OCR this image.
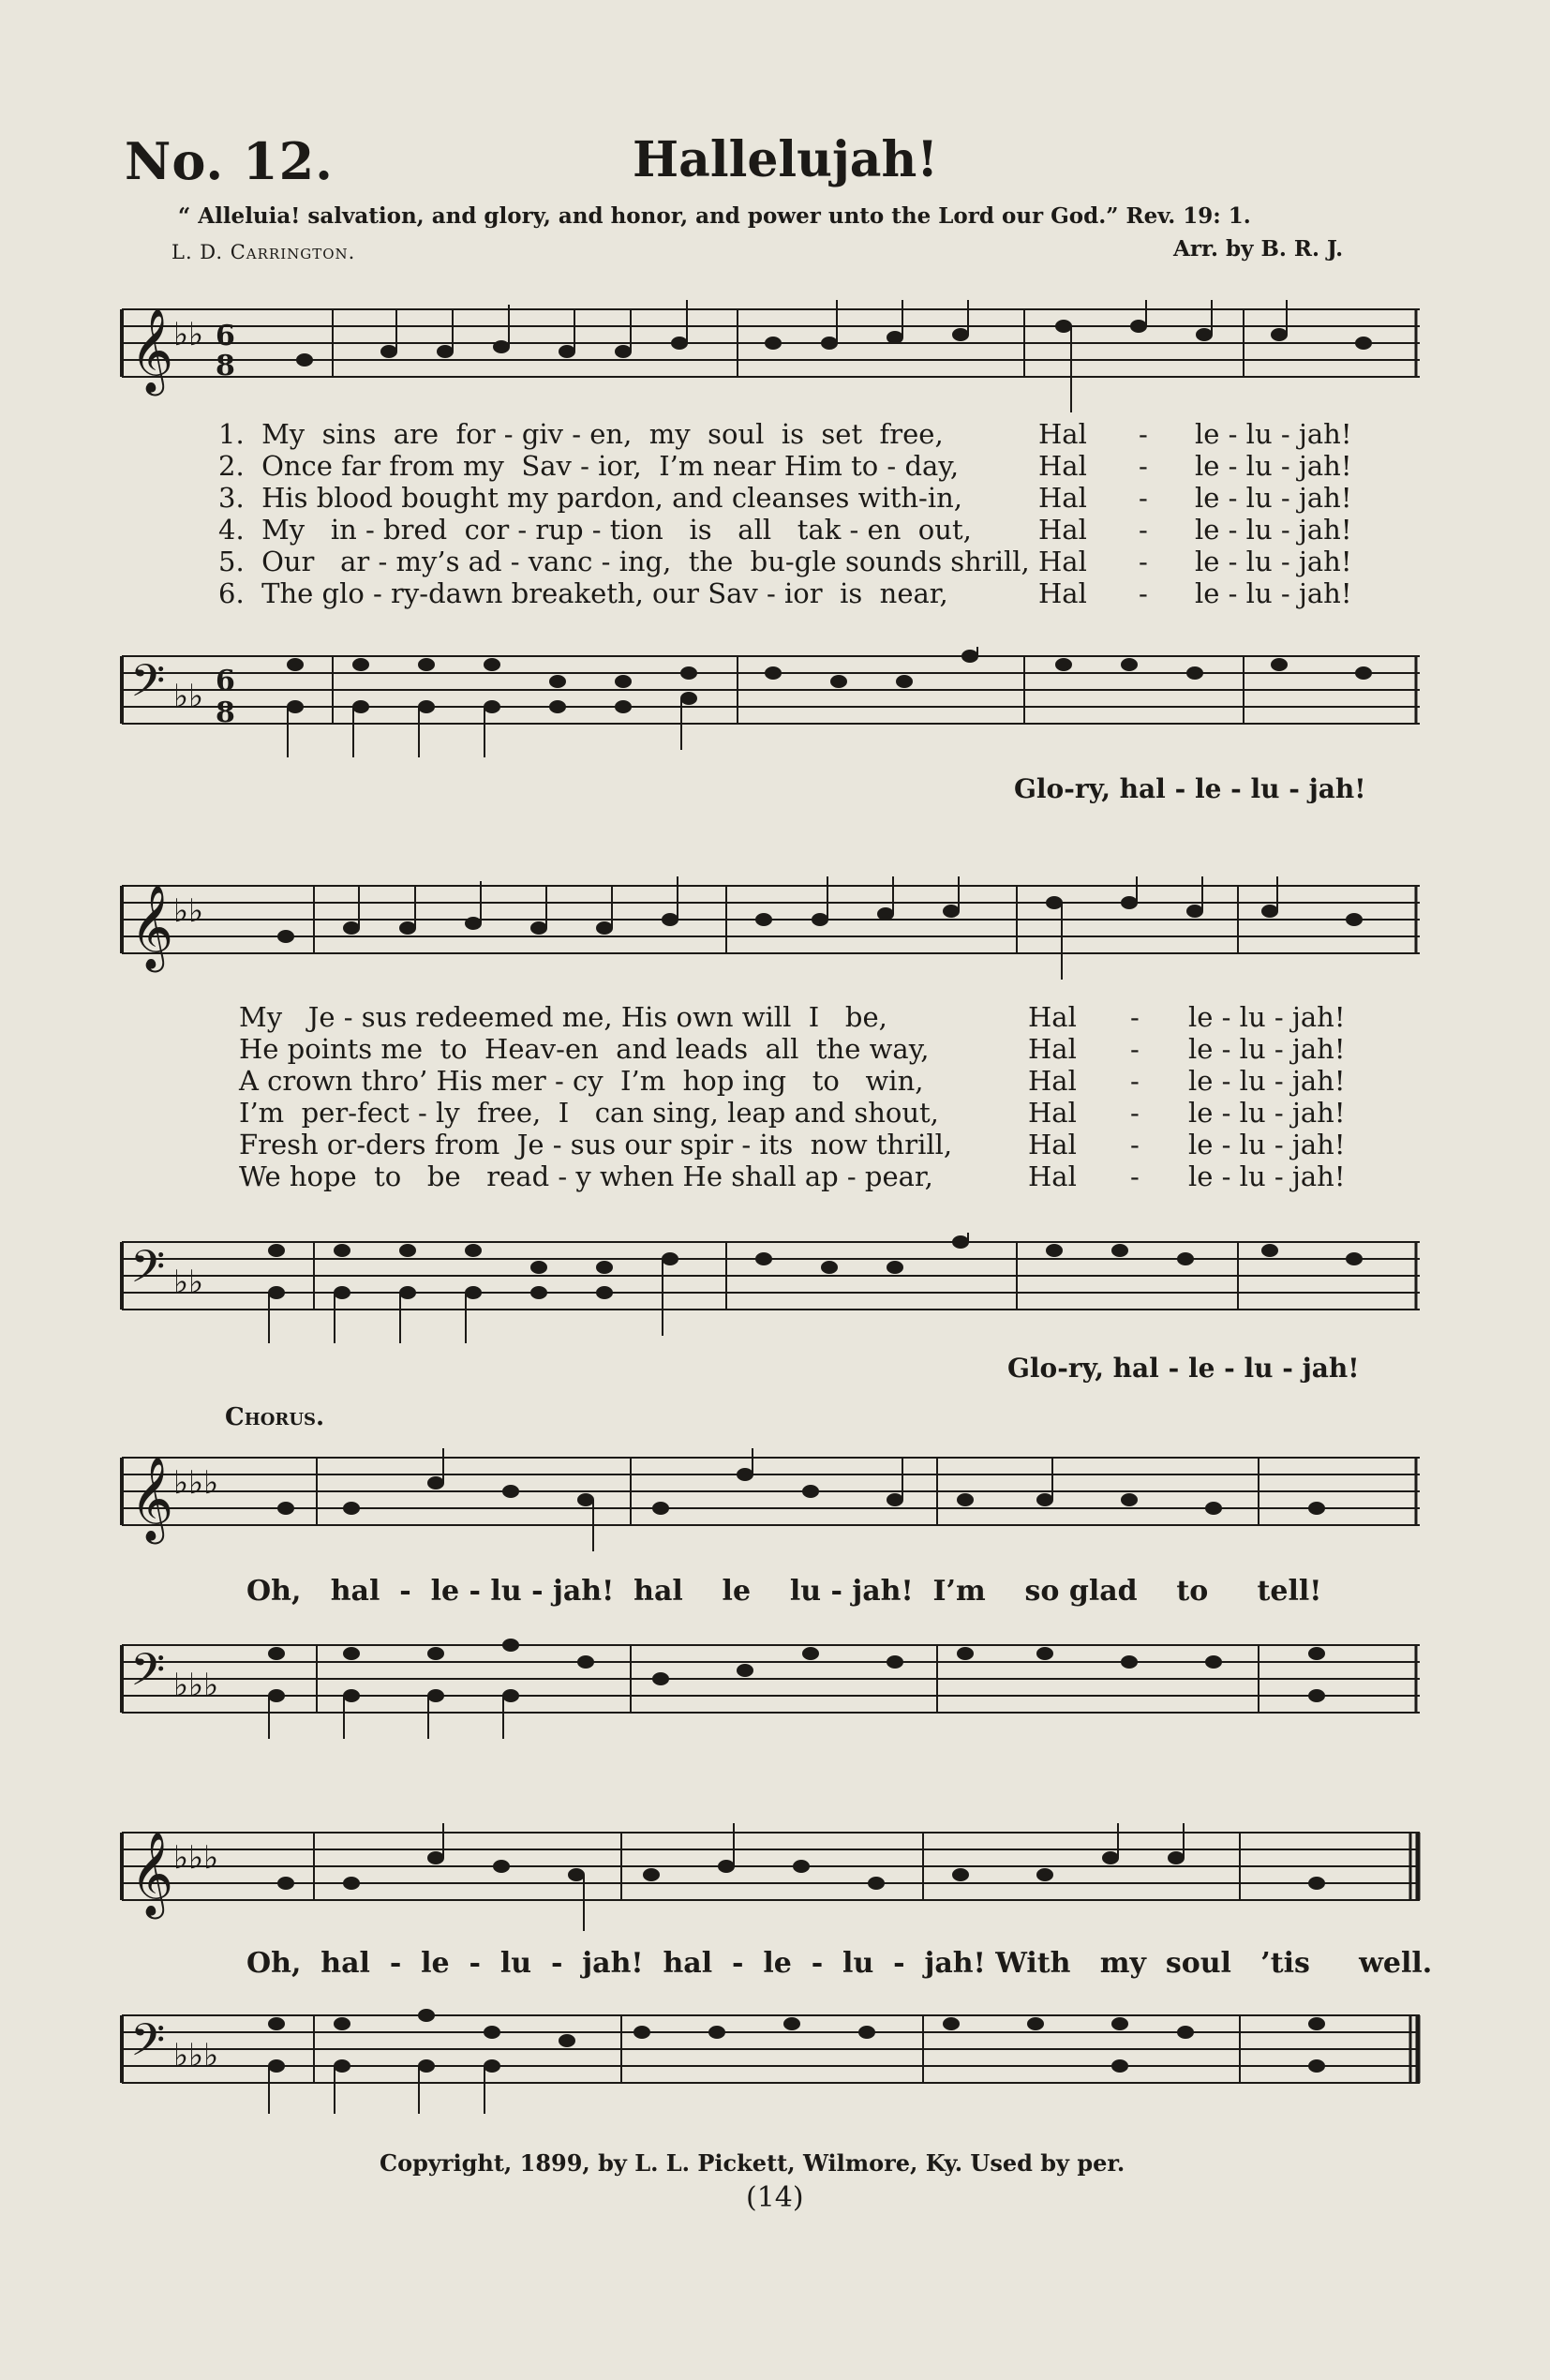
No. 12.	Hallelujah!
“ Alleluia! salvation, and glory, and honor, and power unto the Lord our God.” Rev. 19: 1.
L. D. Carrington.	Arr. by B. R. J.
𝄞 ♭♭ 6
8
1.  My  sins  are  for - giv - en,  my  soul  is  set  free,
2.  Once far from my  Sav - ior,  I’m near Him to - day,
3.  His blood bought my pardon, and cleanses with-in,
4.  My   in - bred  cor - rup - tion   is   all   tak - en  out,
5.  Our   ar - my’s ad - vanc - ing,  the  bu-gle sounds shrill,
6.  The glo - ry-dawn breaketh, our Sav - ior  is  near,
Hal
Hal
Hal
Hal
Hal
Hal
-
-
-
-
-
-
le - lu - jah!
le - lu - jah!
le - lu - jah!
le - lu - jah!
le - lu - jah!
le - lu - jah!
𝄢 ♭♭ 6
8
Glo-ry, hal - le - lu - jah!
𝄞 ♭♭
My   Je - sus redeemed me, His own will  I   be,
He points me  to  Heav-en  and leads  all  the way,
A crown thro’ His mer - cy  I’m  hop ing   to   win,
I’m  per-fect - ly  free,  I   can sing, leap and shout,
Fresh or-ders from  Je - sus our spir - its  now thrill,
We hope  to   be   read - y when He shall ap - pear,
Hal
Hal
Hal
Hal
Hal
Hal
-
-
-
-
-
-
le - lu - jah!
le - lu - jah!
le - lu - jah!
le - lu - jah!
le - lu - jah!
le - lu - jah!
𝄢 ♭♭
Glo-ry, hal - le - lu - jah!
Chorus.
𝄞 ♭♭♭
Oh,   hal  -  le - lu - jah!  hal    le    lu - jah!  I’m    so glad    to     tell!
𝄢 ♭♭♭
𝄞 ♭♭♭
Oh,  hal  -  le  -  lu  -  jah!  hal  -  le  -  lu  -  jah! With   my  soul   ’tis     well.
𝄢 ♭♭♭
Copyright, 1899, by L. L. Pickett, Wilmore, Ky. Used by per.
(14)
